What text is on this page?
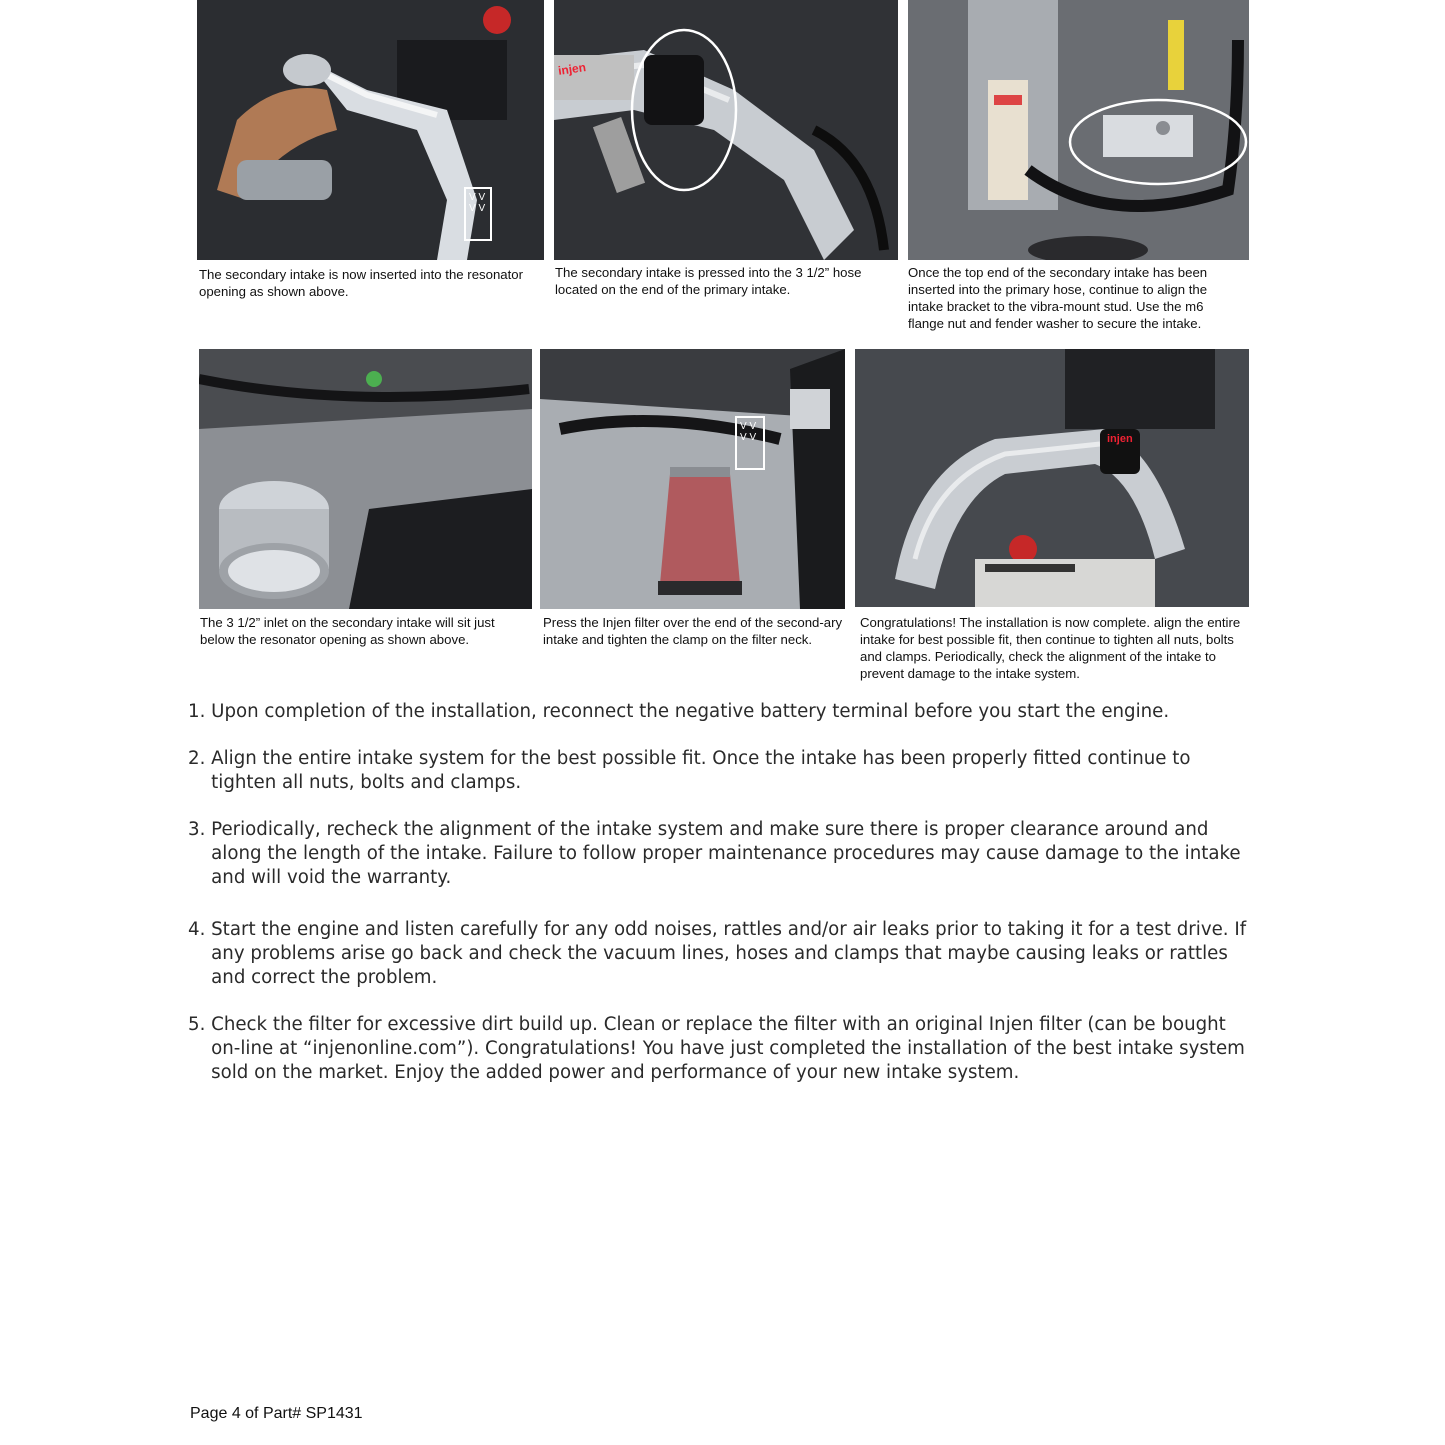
V V V V
injen

The secondary intake is now inserted into the resonator opening as shown above.

The secondary intake is pressed into the 3 1/2” hose located on the end of the primary intake.

Once the top end of the secondary intake has been inserted into the primary hose, continue to align the intake bracket to the vibra-mount stud. Use the m6 flange nut and fender washer to secure the intake.

V V V V	injen

The 3 1/2” inlet on the secondary intake will sit just below the resonator opening as shown above.

Press the Injen filter over the end of the second-ary intake and tighten the clamp on the filter neck.

Congratulations! The installation is now complete. align the entire intake for best possible fit, then continue to tighten all nuts, bolts and clamps. Periodically, check the alignment of the intake to prevent damage to the intake system.

1. Upon completion of the installation, reconnect the negative battery terminal before you start the engine.
2. Align the entire intake system for the best possible fit. Once the intake has been properly fitted continue to tighten all nuts, bolts and clamps.
3. Periodically, recheck the alignment of the intake system and make sure there is proper clearance around and along the length of the intake. Failure to follow proper maintenance procedures may cause damage to the intake and will void the warranty.
4. Start the engine and listen carefully for any odd noises, rattles and/or air leaks prior to taking it for a test drive. If any problems arise go back and check the vacuum lines, hoses and clamps that maybe causing leaks or rattles and correct the problem.
5. Check the filter for excessive dirt build up. Clean or replace the filter with an original Injen filter (can be bought on-line at “injenonline.com”). Congratulations! You have just completed the installation of the best intake system sold on the market. Enjoy the added power and performance of your new intake system.
Page 4 of Part# SP1431
